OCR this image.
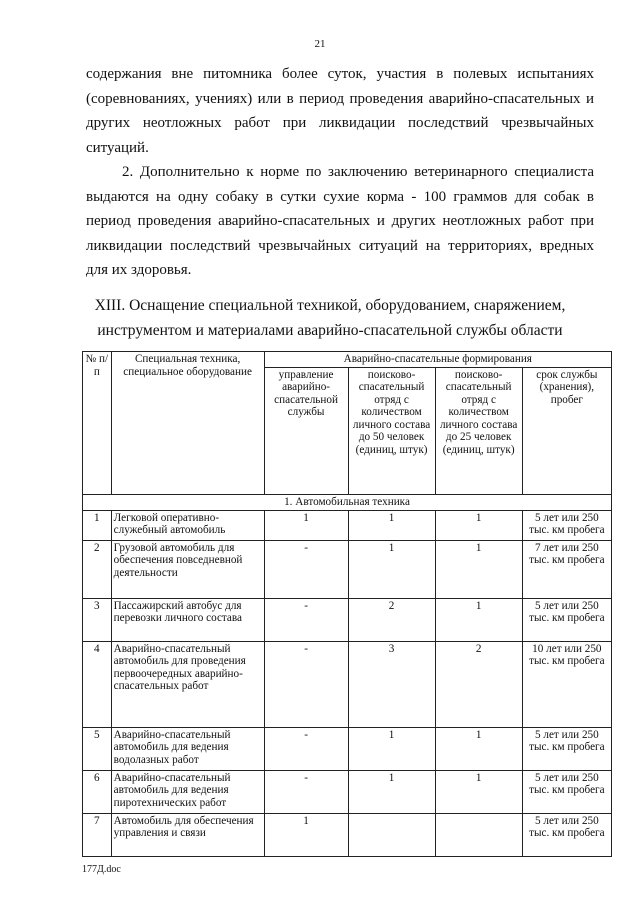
21

содержания вне питомника более суток, участия в полевых испытаниях (соревнованиях, учениях) или в период проведения аварийно-спасательных и других неотложных работ при ликвидации последствий чрезвычайных ситуаций.

2. Дополнительно к норме по заключению ветеринарного специалиста выдаются на одну собаку в сутки сухие корма - 100 граммов для собак в период проведения аварийно-спасательных и других неотложных работ при ликвидации последствий чрезвычайных ситуаций на территориях, вредных для их здоровья.

XIII. Оснащение специальной техникой, оборудованием, снаряжением,
инструментом и материалами аварийно-спасательной службы области
№ п/п	Специальная техника, специальное оборудование	Аварийно-спасательные формирования			
		управление аварийно-спасательной службы	поисково-спасательный отряд с количеством личного состава до 50 человек (единиц, штук)	поисково-спасательный отряд с количеством личного состава до 25 человек (единиц, штук)	срок службы (хранения), пробег
1. Автомобильная техника					
1	Легковой оперативно-служебный автомобиль	1	1	1	5 лет или 250 тыс. км пробега
2	Грузовой автомобиль для обеспечения повседневной деятельности	-	1	1	7 лет или 250 тыс. км пробега
3	Пассажирский автобус для перевозки личного состава	-	2	1	5 лет или 250 тыс. км пробега
4	Аварийно-спасательный автомобиль для проведения первоочередных аварийно-спасательных работ	-	3	2	10 лет или 250 тыс. км пробега
5	Аварийно-спасательный автомобиль для ведения водолазных работ	-	1	1	5 лет или 250 тыс. км пробега
6	Аварийно-спасательный автомобиль для ведения пиротехнических работ	-	1	1	5 лет или 250 тыс. км пробега
7	Автомобиль для обеспечения управления и связи	1			5 лет или 250 тыс. км пробега
177Д.doc
